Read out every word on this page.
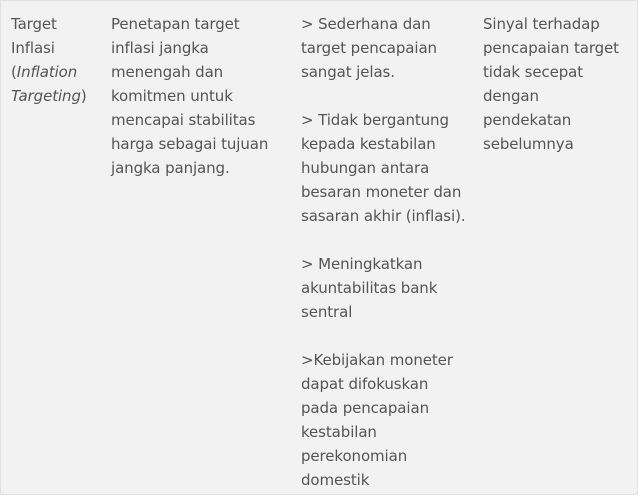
Target
Inflasi
(Inflation
Targeting)
Penetapan target
inflasi jangka
menengah dan
komitmen untuk
mencapai stabilitas
harga sebagai tujuan
jangka panjang.
> Sederhana dan
target pencapaian
sangat jelas.
> Tidak bergantung
kepada kestabilan
hubungan antara
besaran moneter dan
sasaran akhir (inflasi).
> Meningkatkan
akuntabilitas bank
sentral
>Kebijakan moneter
dapat difokuskan
pada pencapaian
kestabilan
perekonomian
domestik
Sinyal terhadap
pencapaian target
tidak secepat
dengan
pendekatan
sebelumnya
